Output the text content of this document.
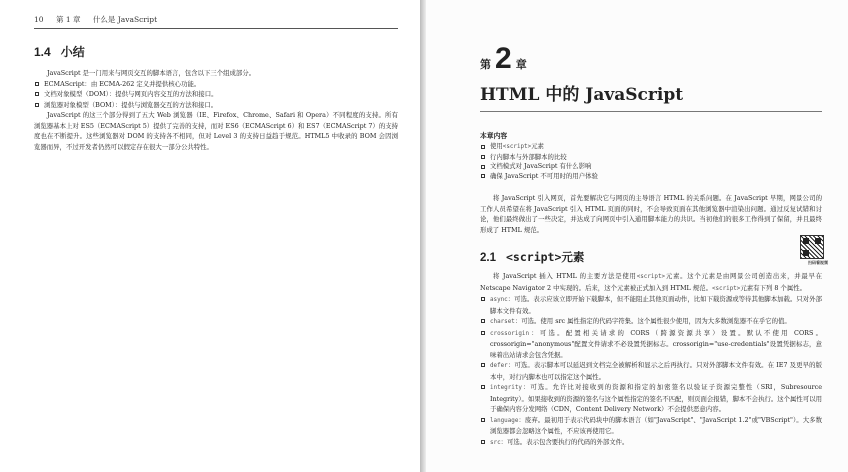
10 第 1 章 什么是 JavaScript
1.4 小结

JavaScript 是一门用来与网页交互的脚本语言，包含以下三个组成部分。

ECMAScript：由 ECMA-262 定义并提供核心功能。

文档对象模型（DOM）：提供与网页内容交互的方法和接口。

浏览器对象模型（BOM）：提供与浏览器交互的方法和接口。

JavaScript 的这三个部分得到了五大 Web 浏览器（IE、Firefox、Chrome、Safari 和 Opera）不同程度的支持。所有浏览器基本上对 ES5（ECMAScript 5）提供了完善的支持，而对 ES6（ECMAScript 6）和 ES7（ECMAScript 7）的支持度也在不断提升。这些浏览器对 DOM 的支持各不相同，但对 Level 3 的支持日益趋于规范。HTML5 中收录的 BOM 会因浏览器而异，不过开发者仍然可以假定存在很大一部分公共特性。

第 2 章
HTML 中的 JavaScript
本章内容

使用<script>元素

行内脚本与外部脚本的比较

文档模式对 JavaScript 有什么影响

确保 JavaScript 不可用时的用户体验

将 JavaScript 引入网页，首先要解决它与网页的主导语言 HTML 的关系问题。在 JavaScript 早期，网景公司的工作人员希望在将 JavaScript 引入 HTML 页面的同时，不会导致页面在其他浏览器中渲染出问题。通过反复试错和讨论，他们最终做出了一些决定，并达成了向网页中引入通用脚本能力的共识。当初他们的很多工作得到了保留，并且最终形成了 HTML 规范。

2.1 <script>元素	扫码看视频

将 JavaScript 插入 HTML 的主要方法是使用<script>元素。这个元素是由网景公司创造出来，并最早在 Netscape Navigator 2 中实现的。后来，这个元素被正式加入到 HTML 规范。<script>元素有下列 8 个属性。

async：可选。表示应该立即开始下载脚本，但不能阻止其他页面动作，比如下载资源或等待其他脚本加载。只对外部脚本文件有效。

charset：可选。使用 src 属性指定的代码字符集。这个属性很少使用，因为大多数浏览器不在乎它的值。

crossorigin：可选。配置相关请求的 CORS（跨源资源共享）设置。默认不使用 CORS。crossorigin="anonymous"配置文件请求不必设置凭据标志。crossorigin="use-credentials"设置凭据标志，意味着出站请求会包含凭据。

defer：可选。表示脚本可以延迟到文档完全被解析和显示之后再执行。只对外部脚本文件有效。在 IE7 及更早的版本中，对行内脚本也可以指定这个属性。

integrity：可选。允许比对接收到的资源和指定的加密签名以验证子资源完整性（SRI，Subresource Integrity）。如果接收到的资源的签名与这个属性指定的签名不匹配，则页面会报错，脚本不会执行。这个属性可以用于确保内容分发网络（CDN，Content Delivery Network）不会提供恶意内容。

language：废弃。最初用于表示代码块中的脚本语言（如"JavaScript"、"JavaScript 1.2"或"VBScript"）。大多数浏览器都会忽略这个属性，不应该再使用它。

src：可选。表示包含要执行的代码的外部文件。
